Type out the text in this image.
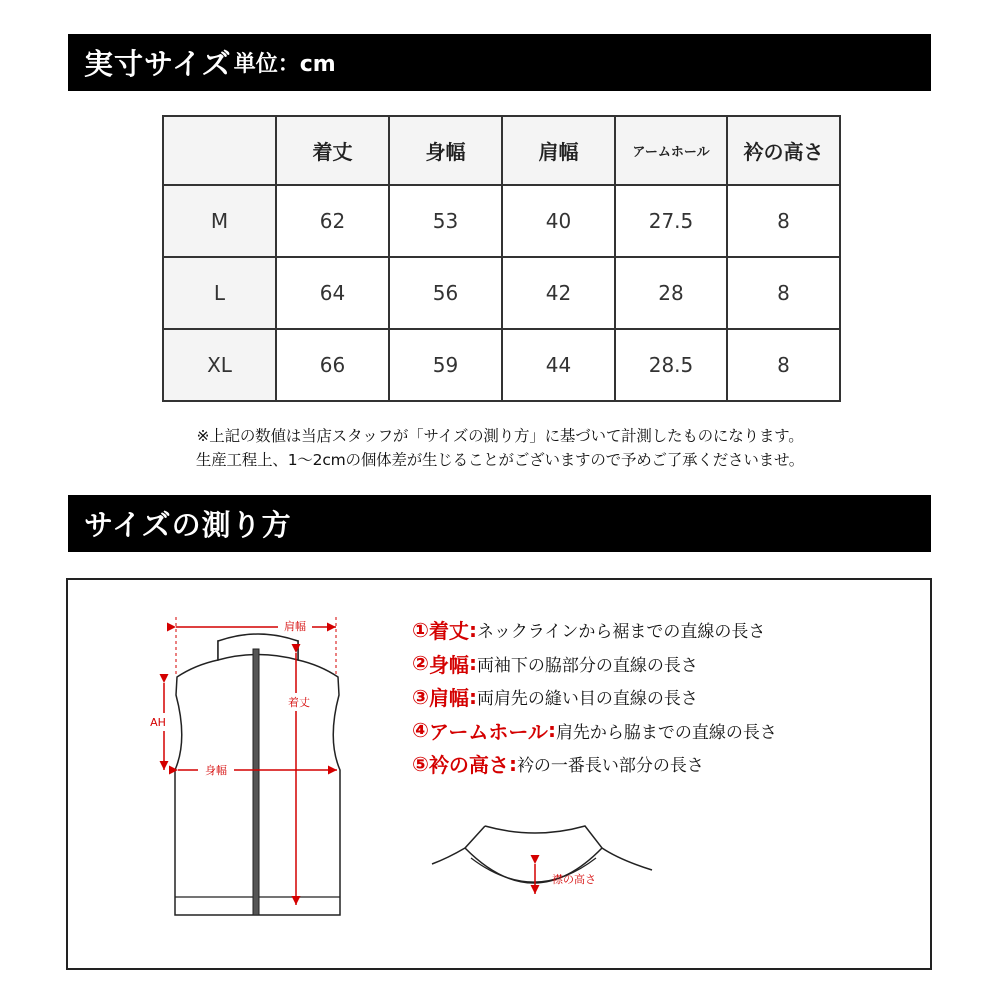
実寸サイズ 単位：cm
	着丈	身幅	肩幅	アームホール	衿の高さ
M	62	53	40	27.5	8
L	64	56	42	28	8
XL	66	59	44	28.5	8
※上記の数値は当店スタッフが「サイズの測り方」に基づいて計測したものになります。
生産工程上、1〜2cmの個体差が生じることがございますので予めご了承くださいませ。
サイズの測り方
肩幅
着丈
AH
身幅
① 着丈 : ネックラインから裾までの直線の長さ
② 身幅 : 両袖下の脇部分の直線の長さ
③ 肩幅 : 両肩先の縫い目の直線の長さ
④ アームホール : 肩先から脇までの直線の長さ
⑤ 衿の高さ : 衿の一番長い部分の長さ
襟の高さ
